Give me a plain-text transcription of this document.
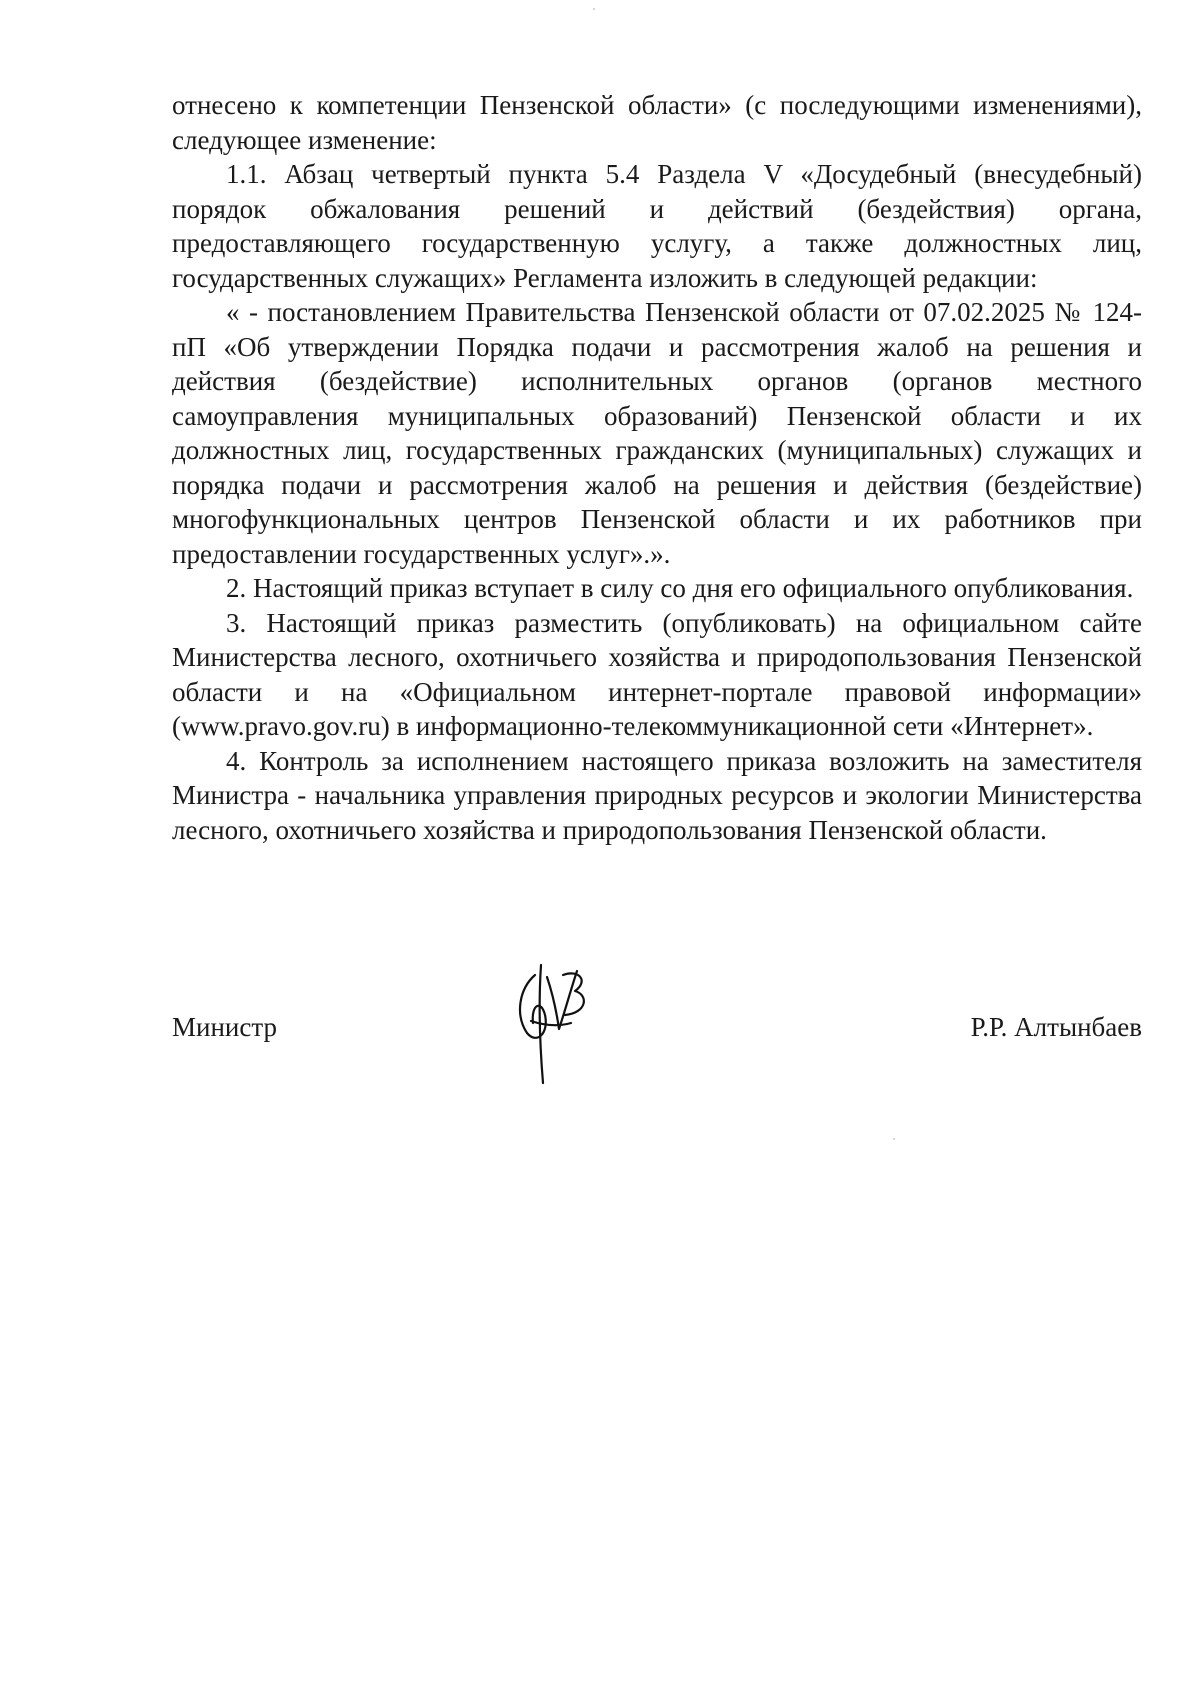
отнесено к компетенции Пензенской области» (с последующими изменениями), следующее изменение:

1.1. Абзац четвертый пункта 5.4 Раздела V «Досудебный (внесудебный) порядок обжалования решений и действий (бездействия) органа, предоставляющего государственную услугу, а также должностных лиц, государственных служащих» Регламента изложить в следующей редакции:

« - постановлением Правительства Пензенской области от 07.02.2025 № 124-пП «Об утверждении Порядка подачи и рассмотрения жалоб на решения и действия (бездействие) исполнительных органов (органов местного самоуправления муниципальных образований) Пензенской области и их должностных лиц, государственных гражданских (муниципальных) служащих и порядка подачи и рассмотрения жалоб на решения и действия (бездействие) многофункциональных центров Пензенской области и их работников при предоставлении государственных услуг».».

2. Настоящий приказ вступает в силу со дня его официального опубликования.

3. Настоящий приказ разместить (опубликовать) на официальном сайте Министерства лесного, охотничьего хозяйства и природопользования Пензенской области и на «Официальном интернет-портале правовой информации» (www.pravo.gov.ru) в информационно-телекоммуникационной сети «Интернет».

4. Контроль за исполнением настоящего приказа возложить на заместителя Министра - начальника управления природных ресурсов и экологии Министерства лесного, охотничьего хозяйства и природопользования Пензенской области.

Министр	Р.Р. Алтынбаев
